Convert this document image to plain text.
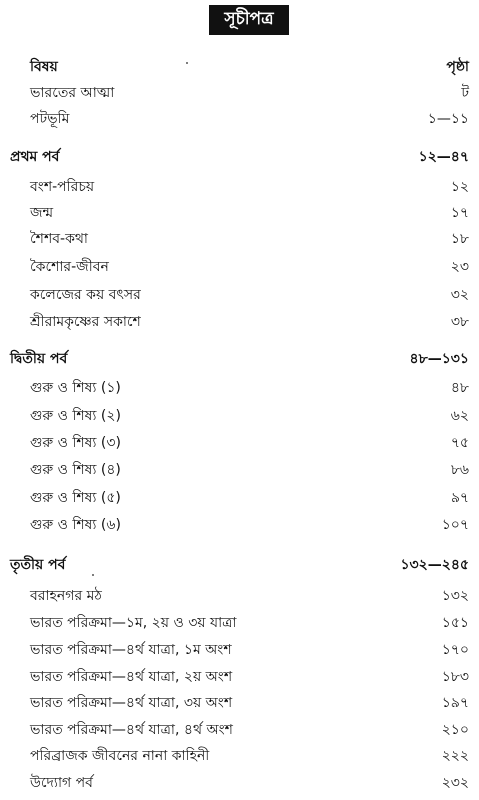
সূচীপত্র
বিষয়	পৃষ্ঠা
ভারতের আত্মা	ট
পটভূমি	১—১১
প্রথম পর্ব	১২—৪৭
বংশ-পরিচয়	১২
জন্ম	১৭
শৈশব-কথা	১৮
কৈশোর-জীবন	২৩
কলেজের কয় বৎসর	৩২
শ্রীরামকৃষ্ণের সকাশে	৩৮
দ্বিতীয় পর্ব	৪৮—১৩১
গুরু ও শিষ্য (১)	৪৮
গুরু ও শিষ্য (২)	৬২
গুরু ও শিষ্য (৩)	৭৫
গুরু ও শিষ্য (৪)	৮৬
গুরু ও শিষ্য (৫)	৯৭
গুরু ও শিষ্য (৬)	১০৭
তৃতীয় পর্ব	১৩২—২৪৫
বরাহনগর মঠ	১৩২
ভারত পরিক্রমা—১ম, ২য় ও ৩য় যাত্রা	১৫১
ভারত পরিক্রমা—৪র্থ যাত্রা, ১ম অংশ	১৭০
ভারত পরিক্রমা—৪র্থ যাত্রা, ২য় অংশ	১৮৩
ভারত পরিক্রমা—৪র্থ যাত্রা, ৩য় অংশ	১৯৭
ভারত পরিক্রমা—৪র্থ যাত্রা, ৪র্থ অংশ	২১০
পরিব্রাজক জীবনের নানা কাহিনী	২২২
উদ্যোগ পর্ব	২৩২
